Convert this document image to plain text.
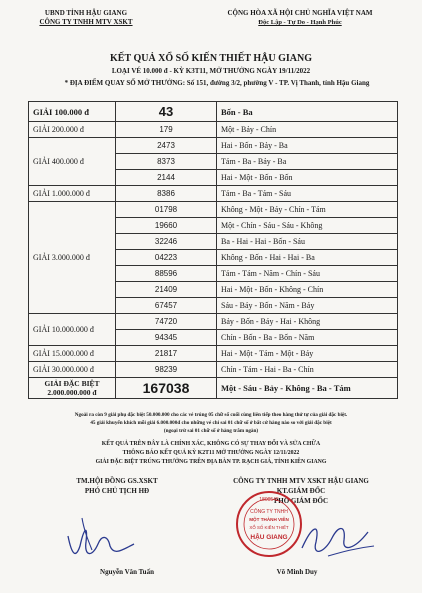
UBND TỈNH HẬU GIANG
CÔNG TY TNHH MTV XSKT
CỘNG HÒA XÃ HỘI CHỦ NGHĨA VIỆT NAM
Độc Lập - Tự Do - Hạnh Phúc
KẾT QUẢ XỔ SỐ KIẾN THIẾT HẬU GIANG
LOẠI VÉ 10.000 đ - KỲ K3T11, MỞ THƯỞNG NGÀY 19/11/2022
* ĐỊA ĐIỂM QUAY SỐ MỞ THƯỞNG: Số 151, đường 3/2, phường V - TP. Vị Thanh, tỉnh Hậu Giang
GIẢI 100.000 đ	43	Bốn - Ba
GIẢI 200.000 đ	179	Một - Bảy - Chín
GIẢI 400.000 đ	2473	Hai - Bốn - Bảy - Ba
	8373	Tám - Ba - Bảy - Ba
	2144	Hai - Một - Bốn - Bốn
GIẢI 1.000.000 đ	8386	Tám - Ba - Tám - Sáu
GIẢI 3.000.000 đ	01798	Không - Một - Bảy - Chín - Tám
	19660	Một - Chín - Sáu - Sáu - Không
	32246	Ba - Hai - Hai - Bốn - Sáu
	04223	Không - Bốn - Hai - Hai - Ba
	88596	Tám - Tám - Năm - Chín - Sáu
	21409	Hai - Một - Bốn - Không - Chín
	67457	Sáu - Bảy - Bốn - Năm - Bảy
GIẢI 10.000.000 đ	74720	Bảy - Bốn - Bảy - Hai - Không
	94345	Chín - Bốn - Ba - Bốn - Năm
GIẢI 15.000.000 đ	21817	Hai - Một - Tám - Một - Bảy
GIẢI 30.000.000 đ	98239	Chín - Tám - Hai - Ba - Chín
GIẢI ĐẶC BIỆT
2.000.000.000 đ	167038	Một - Sáu - Bảy - Không - Ba - Tám
Ngoài ra còn 9 giải phụ đặc biệt 50.000.000 cho các vé trúng 05 chữ số cuối cùng liên tiếp theo hàng thứ tự của giải đặc biệt.
45 giải khuyến khích mỗi giải 6.000.000đ cho những vé chỉ sai 01 chữ số ở bất cứ hàng nào so với giải đặc biệt
(ngoại trừ sai 01 chữ số ở hàng trăm ngàn)
KẾT QUẢ TRÊN ĐÂY LÀ CHÍNH XÁC, KHÔNG CÓ SỰ THAY ĐỔI VÀ SỬA CHỮA
THÔNG BÁO KẾT QUẢ KỲ K2T11 MỞ THƯỞNG NGÀY 12/11/2022
GIẢI ĐẶC BIỆT TRÚNG THƯỞNG TRÊN ĐỊA BÀN TP. RẠCH GIÁ, TỈNH KIÊN GIANG
TM.HỘI ĐỒNG GS.XSKT
PHÓ CHỦ TỊCH HĐ
CÔNG TY TNHH MTV XSKT HẬU GIANG
KT.GIÁM ĐỐC
PHÓ GIÁM ĐỐC
1800545
CÔNG TY TNHH
MỘT THÀNH VIÊN
XỔ SỐ KIẾN THIẾT
HẬU GIANG
Nguyễn Văn Tuấn	Võ Minh Duy
